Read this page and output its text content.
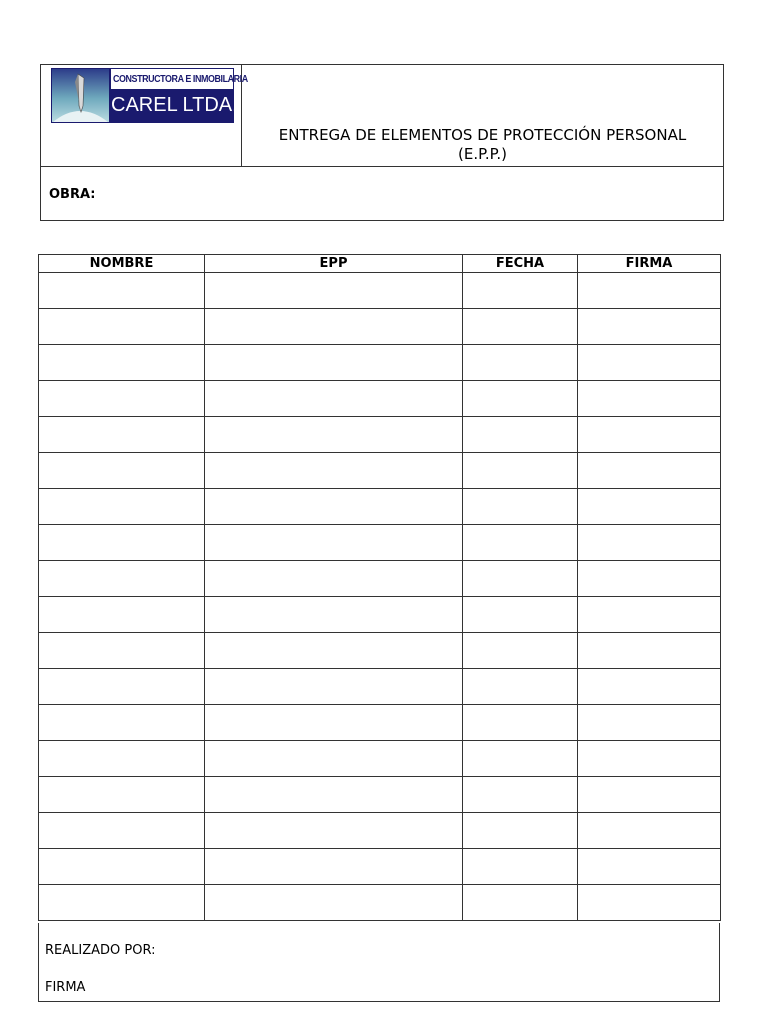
CONSTRUCTORA E INMOBILARIA
CAREL LTDA.
ENTREGA DE ELEMENTOS DE PROTECCIÓN PERSONAL
(E.P.P.)
OBRA:
NOMBRE	EPP	FECHA	FIRMA

REALIZADO POR:
FIRMA
